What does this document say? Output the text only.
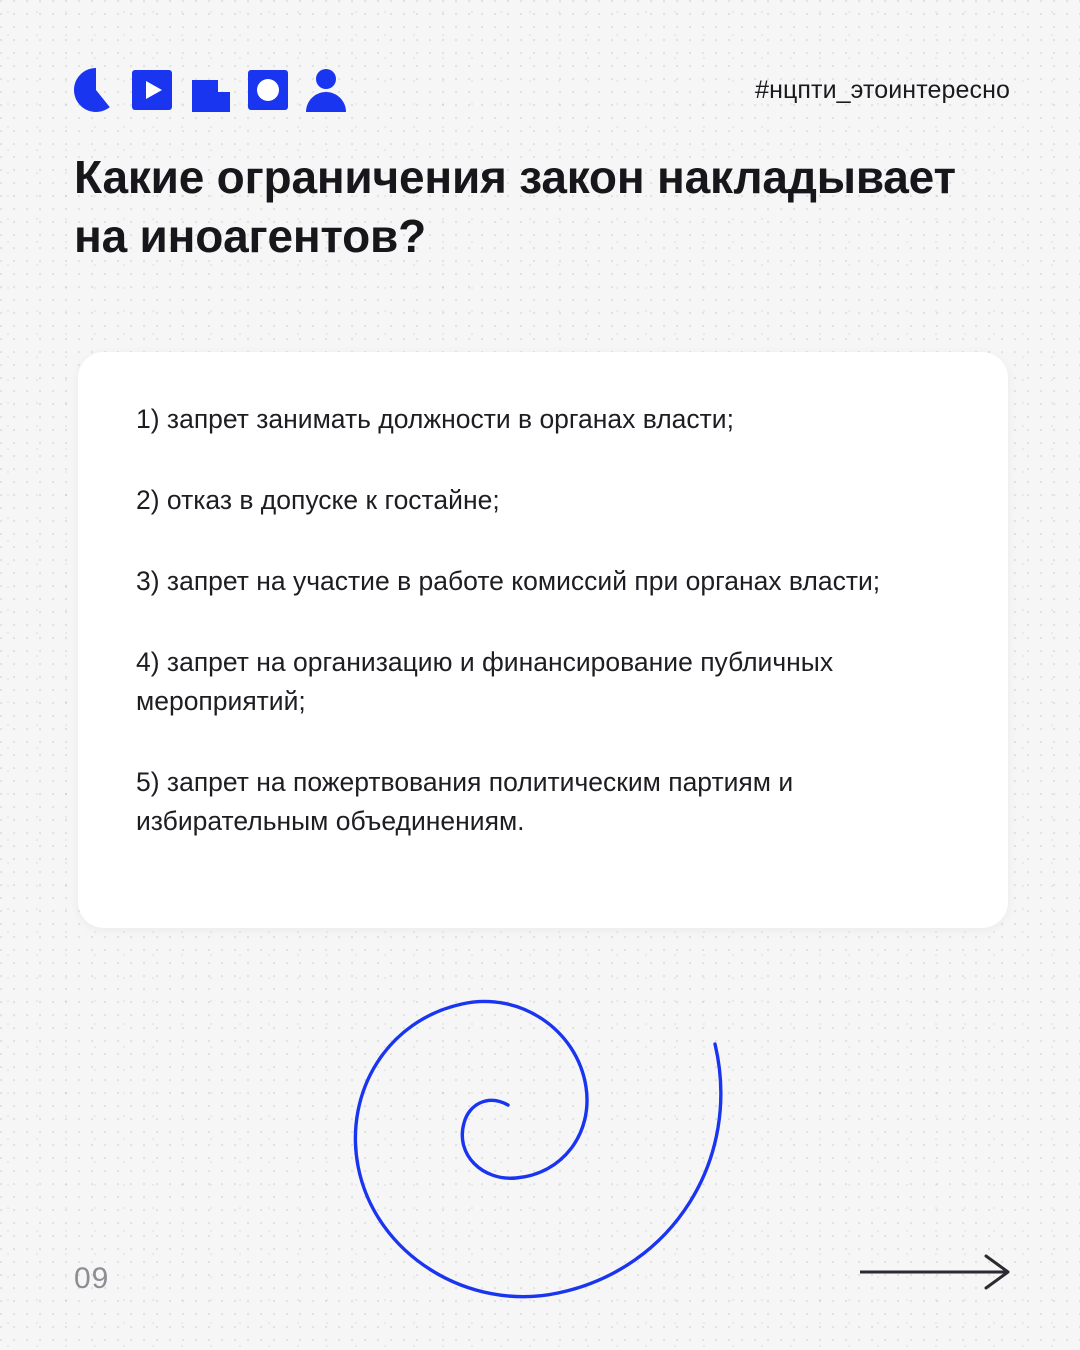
#нцпти_этоинтересно
Какие ограничения закон накладывает на иноагентов?
1) запрет занимать должности в органах власти;
2) отказ в допуске к гостайне;
3) запрет на участие в работе комиссий при органах власти;
4) запрет на организацию и финансирование публичных мероприятий;
5) запрет на пожертвования политическим партиям и избирательным объединениям.
09
